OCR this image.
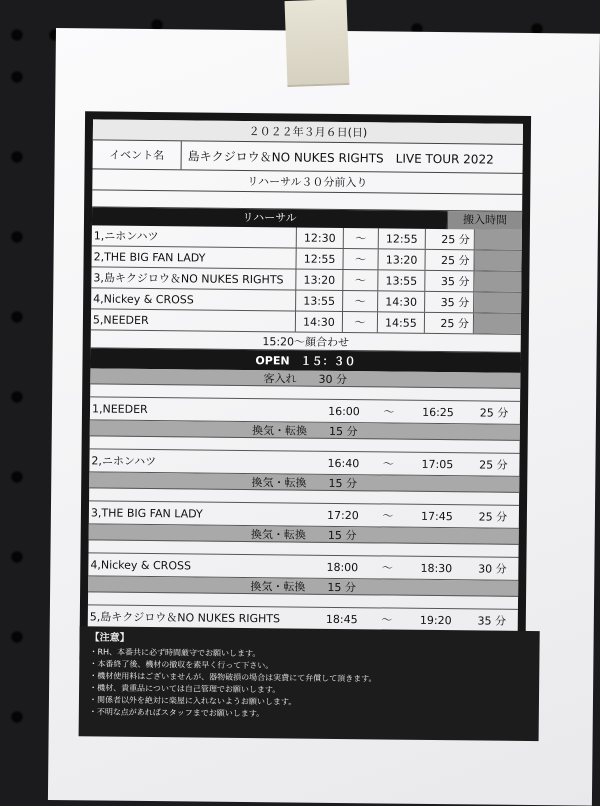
２０２２年３月６日(日)
イベント名	島キクジロウ＆NO NUKES RIGHTS　LIVE TOUR 2022
リハーサル３０分前入り
リハーサル	搬入時間
1,ニホンハツ	12:30	～	12:55	25 分
2,THE BIG FAN LADY	12:55	～	13:20	25 分
3,島キクジロウ＆NO NUKES RIGHTS	13:20	～	13:55	35 分
4,Nickey & CROSS	13:55	～	14:30	35 分
5,NEEDER	14:30	～	14:55	25 分
15:20～顔合わせ
OPEN　１５：３０
客入れ　　30 分
1,NEEDER	16:00	～	16:25	25 分
換気・転換　　15 分
2,ニホンハツ	16:40	～	17:05	25 分
換気・転換　　15 分
3,THE BIG FAN LADY	17:20	～	17:45	25 分
換気・転換　　15 分
4,Nickey & CROSS	18:00	～	18:30	30 分
換気・転換　　15 分
5,島キクジロウ＆NO NUKES RIGHTS	18:45	～	19:20	35 分
【注意】
・RH、本番共に必ず時間厳守でお願いします。
・本番終了後、機材の撤収を素早く行って下さい。
・機材使用料はございませんが、器物破損の場合は実費にて弁償して頂きます。
・機材、貴重品については自己管理でお願いします。
・関係者以外を絶対に楽屋に入れないようお願いします。
・不明な点があればスタッフまでお願いします。
